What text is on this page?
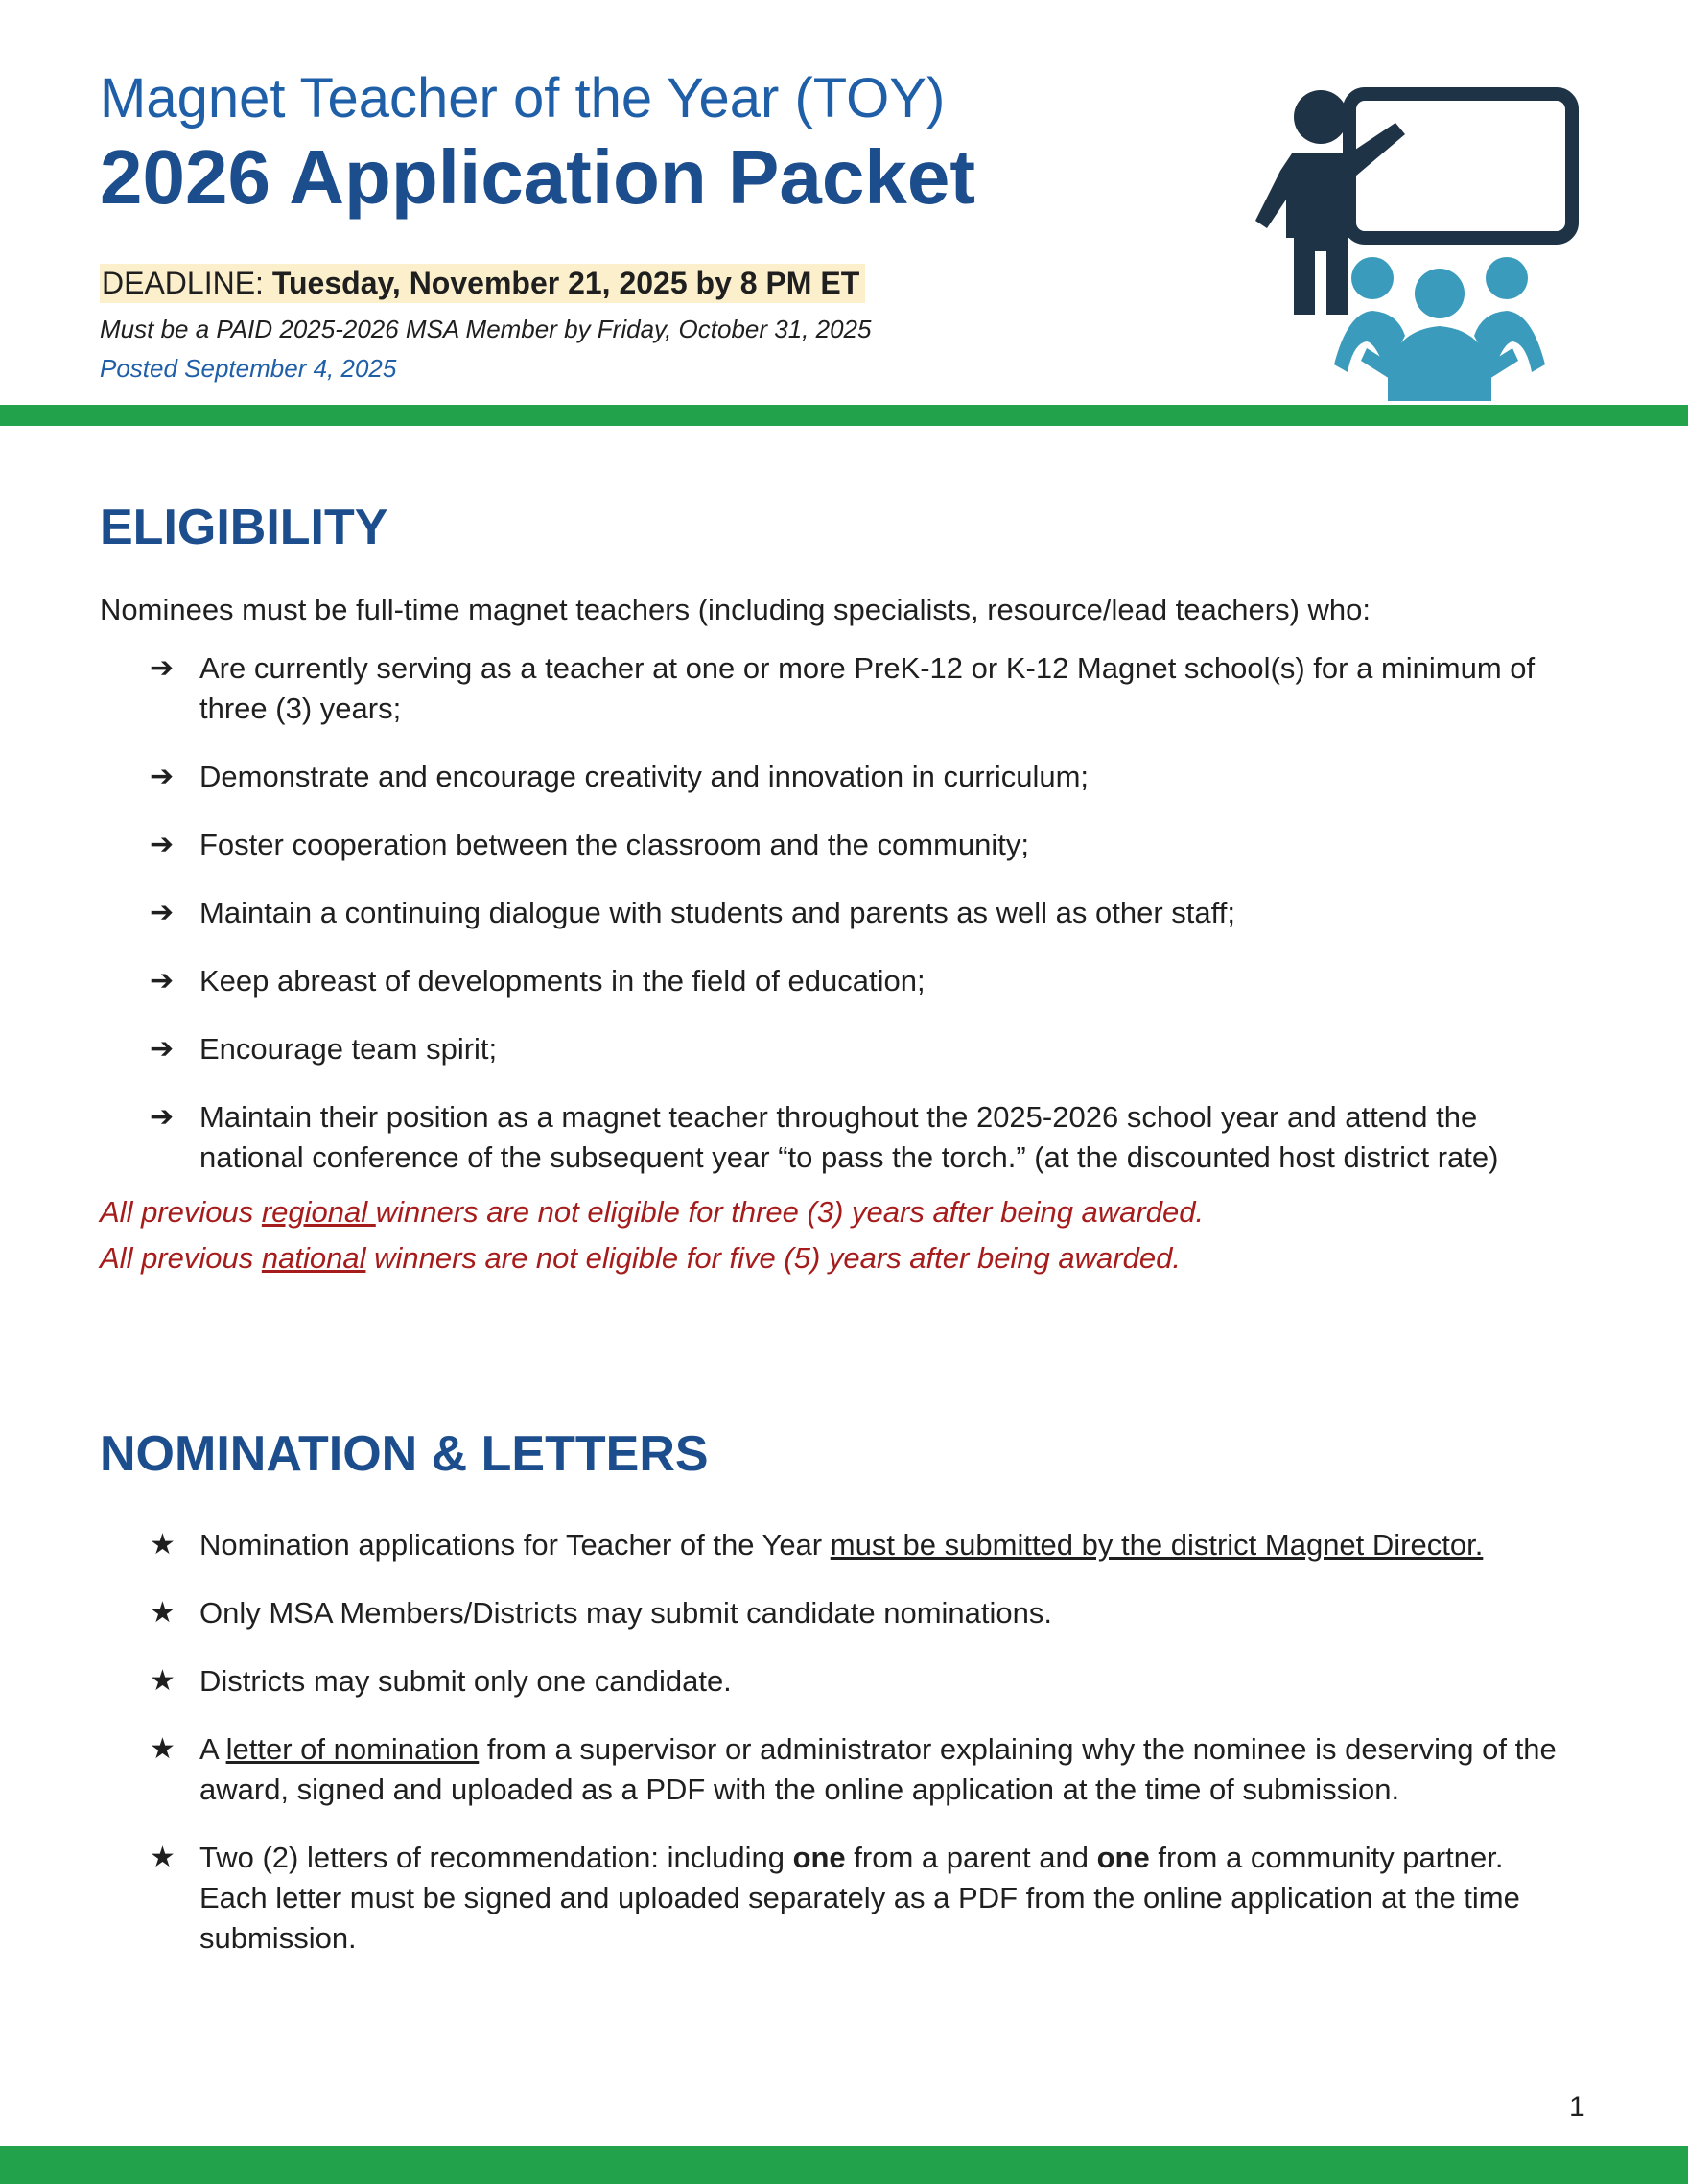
Magnet Teacher of the Year (TOY)
2026 Application Packet
DEADLINE: Tuesday, November 21, 2025 by 8 PM ET
Must be a PAID 2025-2026 MSA Member by Friday, October 31, 2025
Posted September 4, 2025
ELIGIBILITY

Nominees must be full-time magnet teachers (including specialists, resource/lead teachers) who:

➔ Are currently serving as a teacher at one or more PreK-12 or K-12 Magnet school(s) for a minimum of three (3) years;
➔ Demonstrate and encourage creativity and innovation in curriculum;
➔ Foster cooperation between the classroom and the community;
➔ Maintain a continuing dialogue with students and parents as well as other staff;
➔ Keep abreast of developments in the field of education;
➔ Encourage team spirit;
➔ Maintain their position as a magnet teacher throughout the 2025-2026 school year and attend the national conference of the subsequent year “to pass the torch.” (at the discounted host district rate)

All previous regional winners are not eligible for three (3) years after being awarded.

All previous national winners are not eligible for five (5) years after being awarded.

NOMINATION & LETTERS
★ Nomination applications for Teacher of the Year must be submitted by the district Magnet Director.
★ Only MSA Members/Districts may submit candidate nominations.
★ Districts may submit only one candidate.
★ A letter of nomination from a supervisor or administrator explaining why the nominee is deserving of the award, signed and uploaded as a PDF with the online application at the time of submission.
★ Two (2) letters of recommendation: including one from a parent and one from a community partner. Each letter must be signed and uploaded separately as a PDF from the online application at the time submission.
1
